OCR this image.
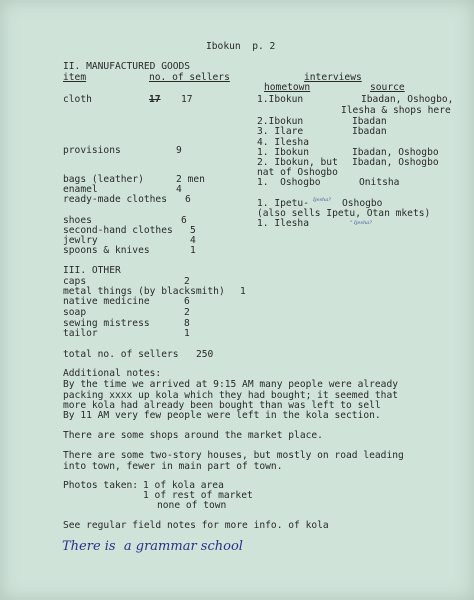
Ibokun  p. 2
II. MANUFACTURED GOODS
item	no. of sellers	interviews
hometown	source
cloth	17 17	1.Ibokun	Ibadan, Oshogbo,
Ilesha & shops here
2.Ibokun	Ibadan
3. Ilare	Ibadan
4. Ilesha
provisions	9	1. Ibokun	Ibadan, Oshogbo
2. Ibokun, but Ibadan, Oshogbo
nat of Oshogbo
bags (leather)	2 men	1.  Oshogbo	Onitsha
enamel	4
ready-made clothes 6	1. Ipetu- Ijesha? Oshogbo
(also sells Ipetu, Otan mkets)
1. Ilesha	" Ijesha?
shoes	6
second-hand clothes 5
jewlry	4
spoons & knives	1
III. OTHER
caps	2
metal things (by blacksmith) 1
native medicine	6
soap	2
sewing mistress	8
tailor	1
total no. of sellers 250
Additional notes:
By the time we arrived at 9:15 AM many people were already
packing xxxx up kola which they had bought; it seemed that
more kola had already been bought than was left to sell
By 11 AM very few people were left in the kola section.
There are some shops around the market place.
There are some two-story houses, but mostly on road leading
into town, fewer in main part of town.
Photos taken: 1 of kola area
1 of rest of market
none of town
See regular field notes for more info. of kola
There is  a grammar school
